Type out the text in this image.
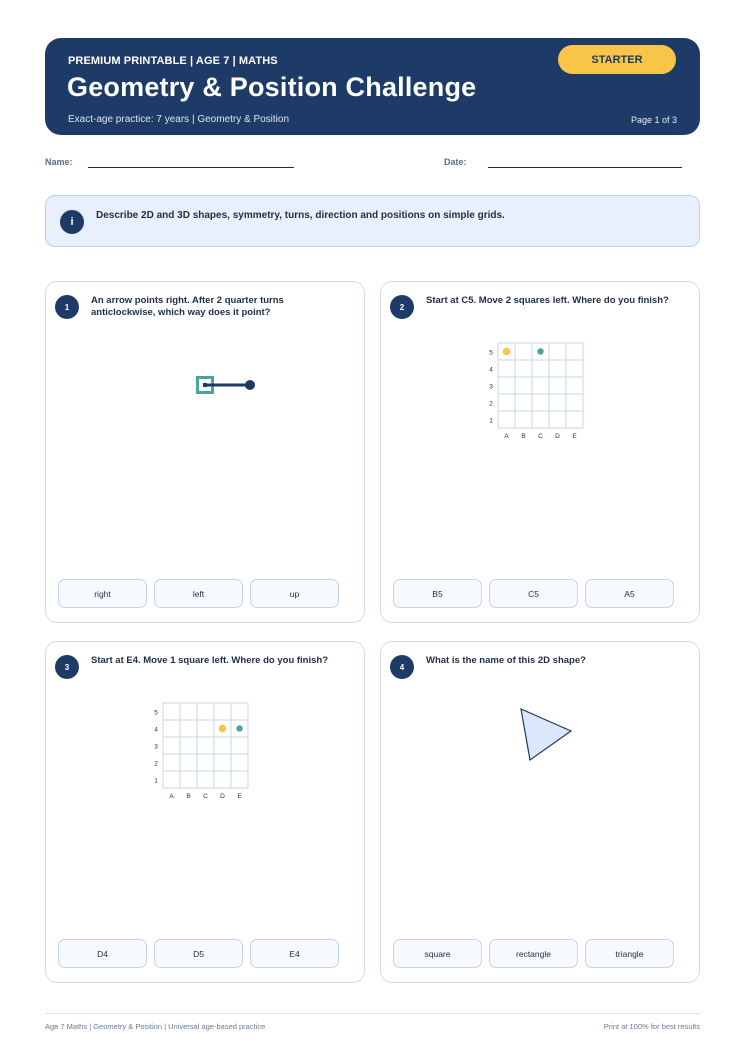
PREMIUM PRINTABLE | AGE 7 | MATHS
Geometry & Position Challenge
Exact-age practice: 7 years | Geometry & Position	Page 1 of 3
STARTER
Name:	Date:
i
Describe 2D and 3D shapes, symmetry, turns, direction and positions on simple grids.
1
An arrow points right. After 2 quarter turns anticlockwise, which way does it point?
right	left	up
2
Start at C5. Move 2 squares left. Where do you finish?
5
4
3
2
1
A B C D E
B5	C5	A5
3
Start at E4. Move 1 square left. Where do you finish?
5
4
3
2
1
A B C D E
D4	D5	E4
4
What is the name of this 2D shape?
square	rectangle	triangle
Age 7 Maths | Geometry & Position | Universal age-based practice	Print at 100% for best results
